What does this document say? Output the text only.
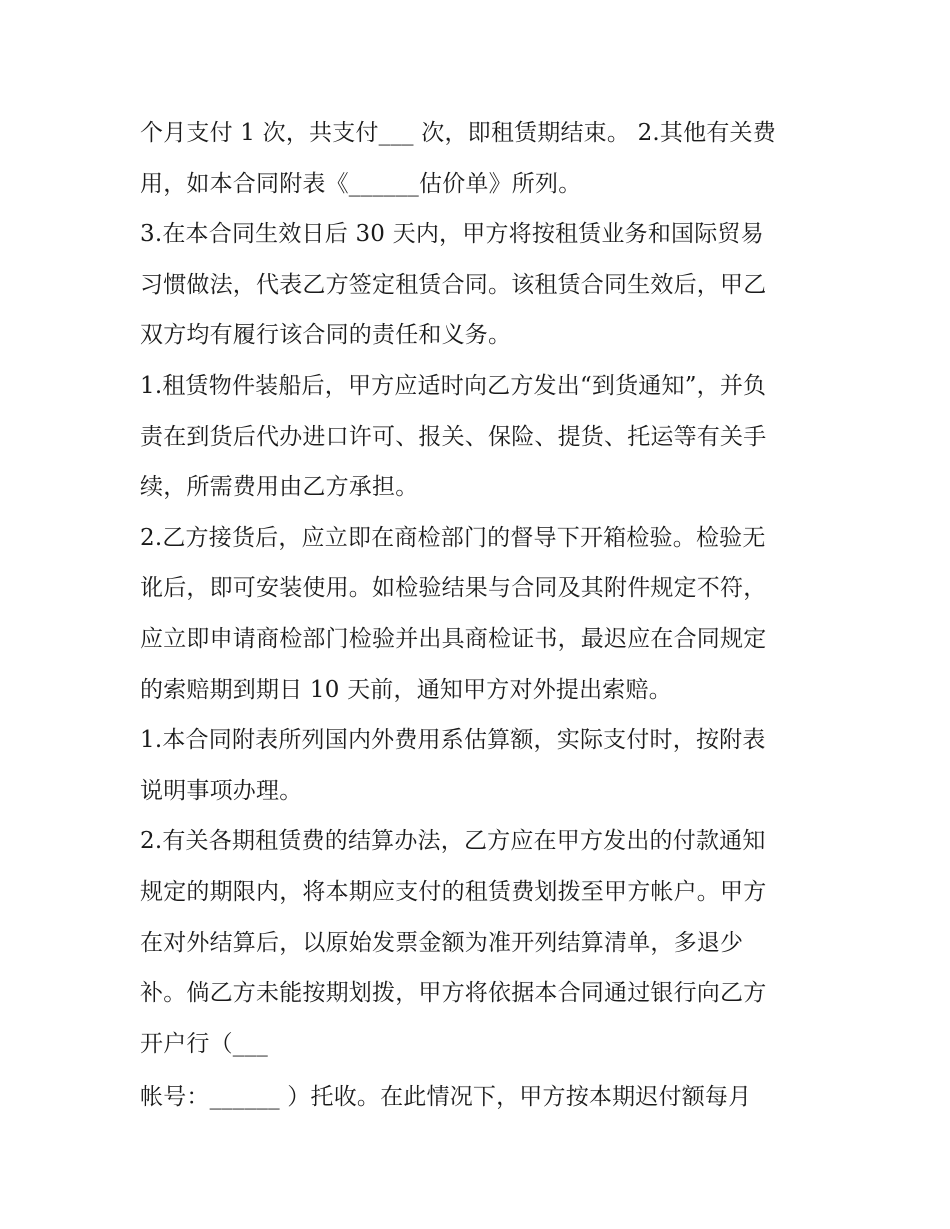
个月支付 1 次，共支付___ 次，即租赁期结束。 2.其他有关费
用，如本合同附表《______估价单》所列。
3.在本合同生效日后 30 天内，甲方将按租赁业务和国际贸易
习惯做法，代表乙方签定租赁合同。该租赁合同生效后，甲乙
双方均有履行该合同的责任和义务。
1.租赁物件装船后，甲方应适时向乙方发出“到货通知”，并负
责在到货后代办进口许可、报关、保险、提货、托运等有关手
续，所需费用由乙方承担。
2.乙方接货后，应立即在商检部门的督导下开箱检验。检验无
讹后，即可安装使用。如检验结果与合同及其附件规定不符，
应立即申请商检部门检验并出具商检证书，最迟应在合同规定
的索赔期到期日 10 天前，通知甲方对外提出索赔。
1.本合同附表所列国内外费用系估算额，实际支付时，按附表
说明事项办理。
2.有关各期租赁费的结算办法，乙方应在甲方发出的付款通知
规定的期限内，将本期应支付的租赁费划拨至甲方帐户。甲方
在对外结算后，以原始发票金额为准开列结算清单，多退少
补。倘乙方未能按期划拨，甲方将依据本合同通过银行向乙方
开户行（___
帐号：______ ）托收。在此情况下，甲方按本期迟付额每月
